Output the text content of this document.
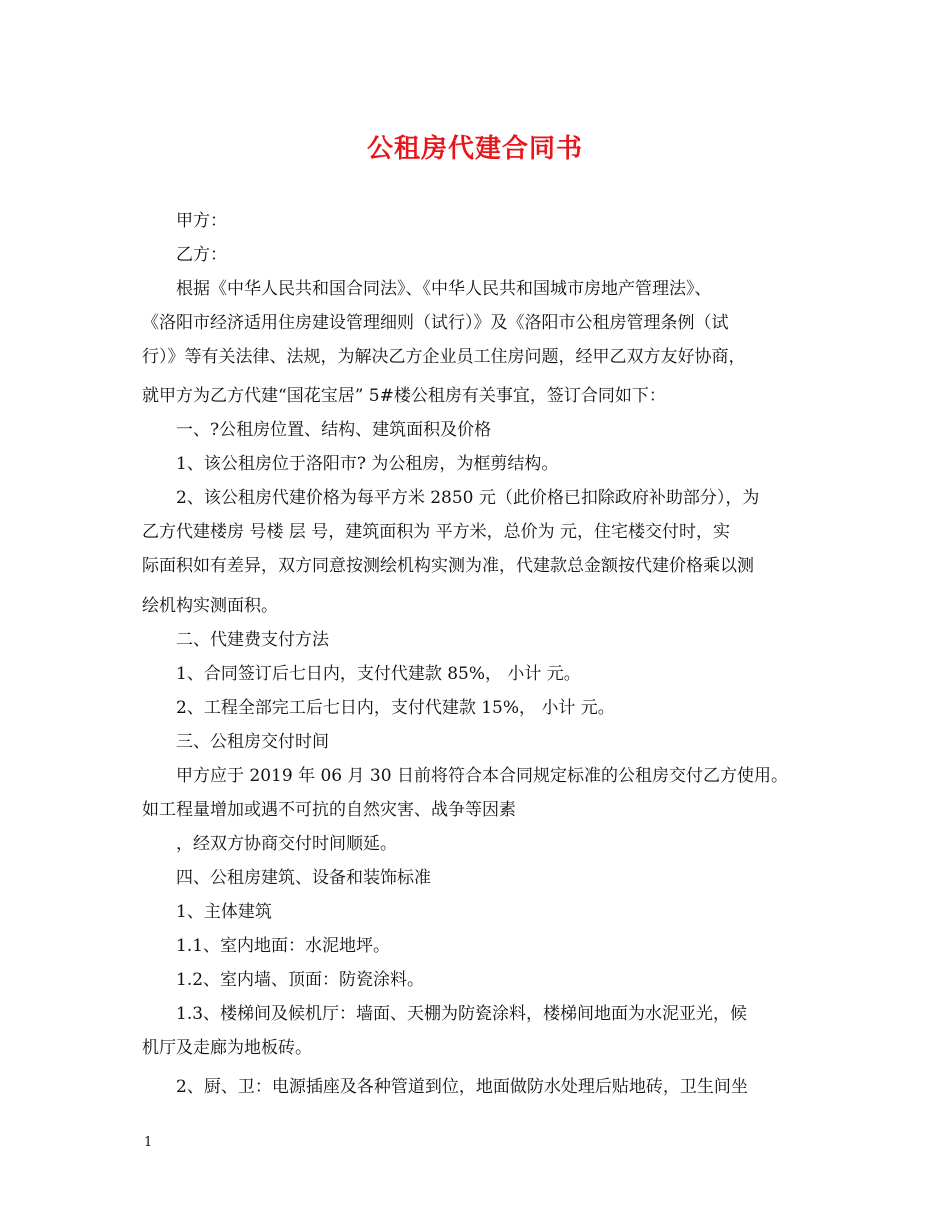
公租房代建合同书
甲方：
乙方：
根据《中华人民共和国合同法》、《中华人民共和国城市房地产管理法》、
《洛阳市经济适用住房建设管理细则（试行）》及《洛阳市公租房管理条例（试
行）》等有关法律、法规，为解决乙方企业员工住房问题，经甲乙双方友好协商，
就甲方为乙方代建“国花宝居” 5#楼公租房有关事宜，签订合同如下：
一、?公租房位置、结构、建筑面积及价格
1、该公租房位于洛阳市? 为公租房，为框剪结构。
2、该公租房代建价格为每平方米 2850 元（此价格已扣除政府补助部分），为
乙方代建楼房 号楼 层 号，建筑面积为 平方米，总价为 元，住宅楼交付时，实
际面积如有差异，双方同意按测绘机构实测为准，代建款总金额按代建价格乘以测
绘机构实测面积。
二、代建费支付方法
1、合同签订后七日内，支付代建款 85%， 小计 元。
2、工程全部完工后七日内，支付代建款 15%， 小计 元。
三、公租房交付时间
甲方应于 2019 年 06 月 30 日前将符合本合同规定标准的公租房交付乙方使用。
如工程量增加或遇不可抗的自然灾害、战争等因素
，经双方协商交付时间顺延。
四、公租房建筑、设备和装饰标准
1、主体建筑
1.1、室内地面：水泥地坪。
1.2、室内墙、顶面：防瓷涂料。
1.3、楼梯间及候机厅：墙面、天棚为防瓷涂料，楼梯间地面为水泥亚光，候
机厅及走廊为地板砖。
2、厨、卫：电源插座及各种管道到位，地面做防水处理后贴地砖，卫生间坐
1
